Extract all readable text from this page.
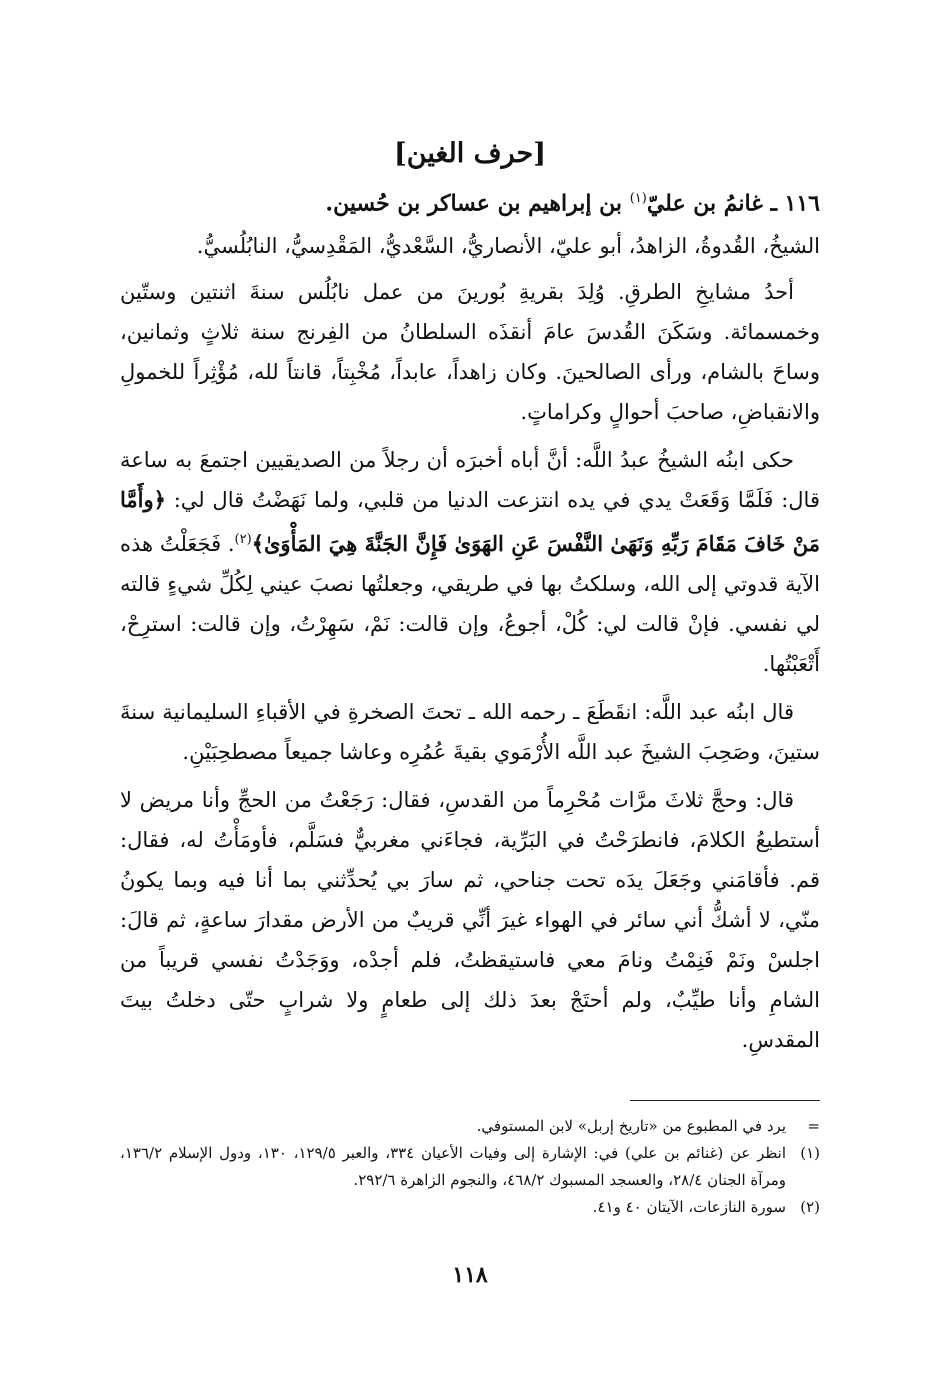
[حرف الغين]
١١٦ ـ غانمُ بن عليّ$^{(١)}$ بن إبراهيم بن عساكر بن حُسين.

الشيخُ، القُدوةُ، الزاهدُ، أبو عليّ، الأنصاريُّ، السَّعْديُّ، المَقْدِسيُّ، النابُلُسيُّ.

أحدُ مشايخِ الطرقِ. وُلِدَ بقريةِ بُورينَ من عمل نابُلُس سنةَ اثنتين وستّين وخمسمائة. وسَكَنَ القُدسَ عامَ أنقذَه السلطانُ من الفِرنج سنة ثلاثٍ وثمانين، وساحَ بالشام، ورأى الصالحينَ. وكان زاهداً، عابداً، مُخْبِتاً، قانتاً لله، مُؤْثِراً للخمولِ والانقباضِ، صاحبَ أحوالٍ وكراماتٍ.

حكى ابنُه الشيخُ عبدُ اللَّه: أنَّ أباه أخبرَه أن رجلاً من الصديقيين اجتمعَ به ساعة قال: فَلَمَّا وَقَعَتْ يدي في يده انتزعت الدنيا من قلبي، ولما نَهَضْتُ قال لي: ﴿وأَمَّا مَنْ خَافَ مَقَامَ رَبِّهِ وَنَهَىٰ النَّفْسَ عَنِ الهَوَىٰ فَإِنَّ الجَنَّةَ هِيَ المَأْوَىٰ﴾$^{(٢)}$. فَجَعَلْتُ هذه الآية قدوتي إلى الله، وسلكتُ بها في طريقي، وجعلتُها نصبَ عيني لِكُلِّ شيءٍ قالته لي نفسي. فإنْ قالت لي: كُلْ، أجوعُ، وإن قالت: نَمْ، سَهِرْتُ، وإن قالت: استرِحْ، أَتْعَبْتُها.

قال ابنُه عبد اللَّه: انقَطَعَ ـ رحمه الله ـ تحتَ الصخرةِ في الأقباءِ السليمانية سنةَ ستينَ، وصَحِبَ الشيخَ عبد اللَّه الأُرْمَوي بقيةَ عُمُرِه وعاشا جميعاً مصطحِبَيْنِ.

قال: وحجَّ ثلاثَ مرَّات مُحْرِماً من القدسِ، فقال: رَجَعْتُ من الحجِّ وأنا مريض لا أستطيعُ الكلامَ، فانطرَحْتُ في البَرِّية، فجاءَني مغربيٌّ فسَلَّم، فأومَأْتُ له، فقال: قم. فأقامَني وجَعَلَ يدَه تحت جناحي، ثم سارَ بي يُحدِّثني بما أنا فيه وبما يكونُ منّي، لا أشكُّ أني سائر في الهواء غيرَ أنِّي قريبٌ من الأرض مقدارَ ساعةٍ، ثم قالَ: اجلسْ ونَمْ فَنِمْتُ ونامَ معي فاستيقظتُ، فلم أجدْه، ووَجَدْتُ نفسي قريباً من الشامِ وأنا طيِّبٌ، ولم أحتَجْ بعدَ ذلك إلى طعامٍ ولا شرابٍ حتّى دخلتُ بيتَ المقدسِ.

=
يرد في المطبوع من «تاريخ إربل» لابن المستوفي.
(١)
انظر عن (غنائم بن علي) في: الإشارة إلى وفيات الأعيان ٣٣٤، والعبر ١٢٩/٥، ١٣٠، ودول الإسلام ١٣٦/٢، ومرآة الجنان ٢٨/٤، والعسجد المسبوك ٤٦٨/٢، والنجوم الزاهرة ٢٩٢/٦.
(٢)
سورة النازعات، الآيتان ٤٠ و٤١.
١١٨
